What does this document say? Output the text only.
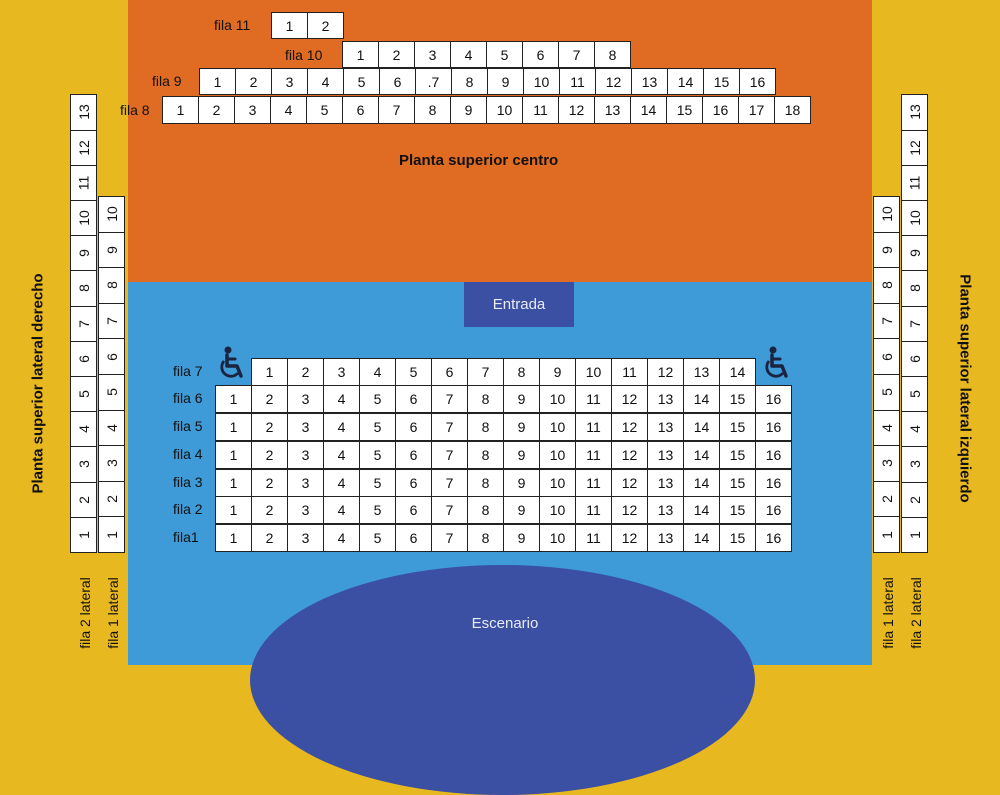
Entrada
Escenario
Planta superior centro
Planta superior lateral derecho	Planta superior lateral izquierdo
fila 11	1	2
fila 10	1	2	3	4	5	6	7	8
fila 9	1	2	3	4	5	6	.7	8	9	10	11	12	13	14	15	16
fila 8	1	2	3	4	5	6	7	8	9	10	11	12	13	14	15	16	17	18
fila 7	1	2	3	4	5	6	7	8	9	10	11	12	13	14
fila 6	1	2	3	4	5	6	7	8	9	10	11	12	13	14	15	16
fila 5	1	2	3	4	5	6	7	8	9	10	11	12	13	14	15	16
fila 4	1	2	3	4	5	6	7	8	9	10	11	12	13	14	15	16
fila 3	1	2	3	4	5	6	7	8	9	10	11	12	13	14	15	16
fila 2	1	2	3	4	5	6	7	8	9	10	11	12	13	14	15	16
fila1	1	2	3	4	5	6	7	8	9	10	11	12	13	14	15	16
1
2
3
4
5
6
7
8
9
10
11
12
13
fila 2 lateral
1
2
3
4
5
6
7
8
9
10
fila 1 lateral
1
2
3
4
5
6
7
8
9
10
fila 1 lateral
1
2
3
4
5
6
7
8
9
10
11
12
13
fila 2 lateral
